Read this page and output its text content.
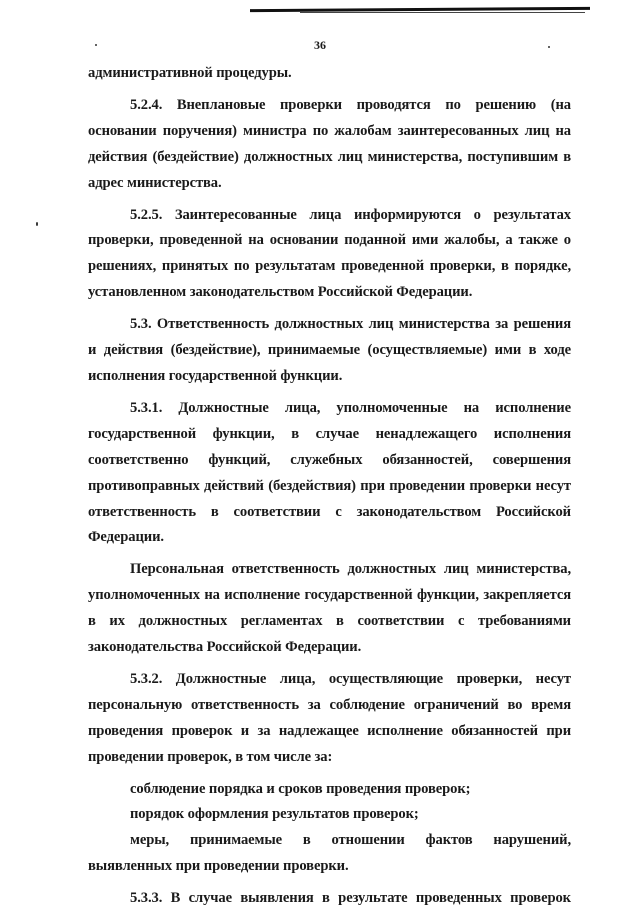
36

административной процедуры.

5.2.4. Внеплановые проверки проводятся по решению (на основании поручения) министра по жалобам заинтересованных лиц на действия (бездействие) должностных лиц министерства, поступившим в адрес министерства.

5.2.5. Заинтересованные лица информируются о результатах проверки, проведенной на основании поданной ими жалобы, а также о решениях, принятых по результатам проведенной проверки, в порядке, установленном законодательством Российской Федерации.

5.3. Ответственность должностных лиц министерства за решения и действия (бездействие), принимаемые (осуществляемые) ими в ходе исполнения государственной функции.

5.3.1. Должностные лица, уполномоченные на исполнение государственной функции, в случае ненадлежащего исполнения соответственно функций, служебных обязанностей, совершения противоправных действий (бездействия) при проведении проверки несут ответственность в соответствии с законодательством Российской Федерации.

Персональная ответственность должностных лиц министерства, уполномоченных на исполнение государственной функции, закрепляется в их должностных регламентах в соответствии с требованиями законодательства Российской Федерации.

5.3.2. Должностные лица, осуществляющие проверки, несут персональную ответственность за соблюдение ограничений во время проведения проверок и за надлежащее исполнение обязанностей при проведении проверок, в том числе за:

соблюдение порядка и сроков проведения проверок;

порядок оформления результатов проверок;

меры, принимаемые в отношении фактов нарушений, выявленных при проведении проверки.

5.3.3. В случае выявления в результате проведенных проверок
